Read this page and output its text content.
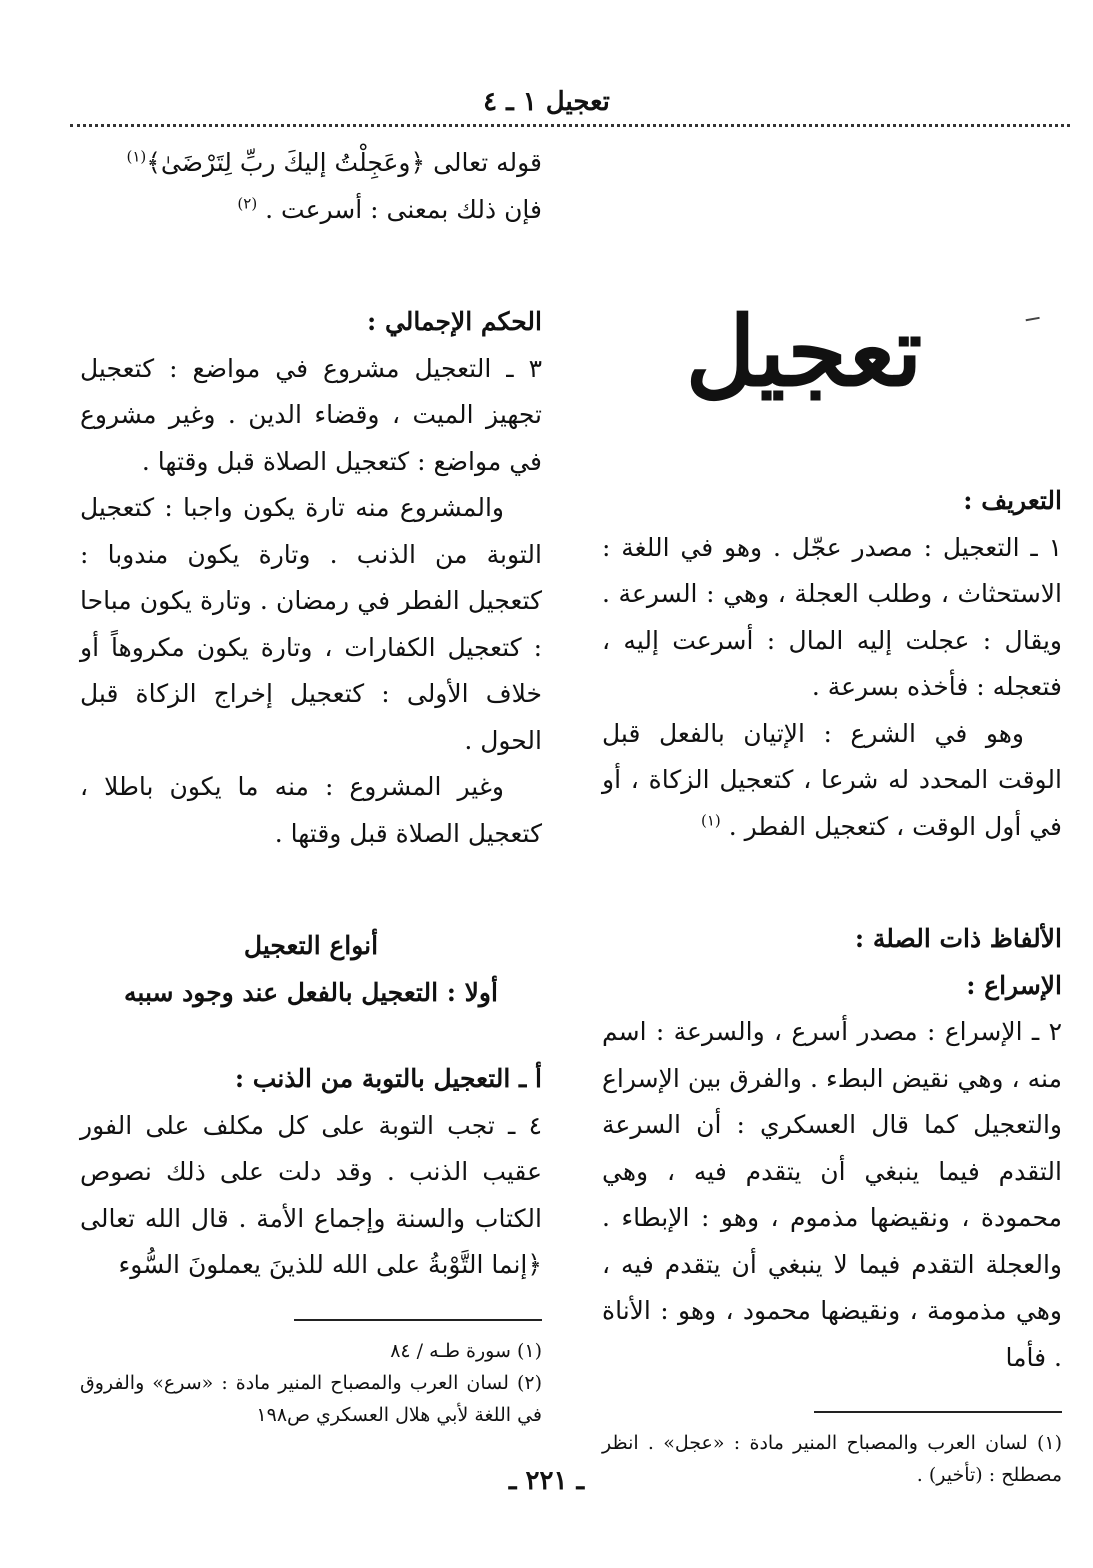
تعجيل ١ ـ ٤
تعجيل

التعريف :

١ ـ التعجيل : مصدر عجّل . وهو في اللغة : الاستحثاث ، وطلب العجلة ، وهي : السرعة . ويقال : عجلت إليه المال : أسرعت إليه ، فتعجله : فأخذه بسرعة .

وهو في الشرع : الإتيان بالفعل قبل الوقت المحدد له شرعا ، كتعجيل الزكاة ، أو في أول الوقت ، كتعجيل الفطر . $^{(١)}$

الألفاظ ذات الصلة :

الإسراع :

٢ ـ الإسراع : مصدر أسرع ، والسرعة : اسم منه ، وهي نقيض البطء . والفرق بين الإسراع والتعجيل كما قال العسكري : أن السرعة التقدم فيما ينبغي أن يتقدم فيه ، وهي محمودة ، ونقيضها مذموم ، وهو : الإبطاء . والعجلة التقدم فيما لا ينبغي أن يتقدم فيه ، وهي مذمومة ، ونقيضها محمود ، وهو : الأناة . فأما

(١) لسان العرب والمصباح المنير مادة : «عجل» . انظر مصطلح : (تأخير) .

قوله تعالى ﴿وعَجِلْتُ إليكَ ربِّ لِتَرْضَىٰ﴾$^{(١)}$

فإن ذلك بمعنى : أسرعت . $^{(٢)}$

الحكم الإجمالي :

٣ ـ التعجيل مشروع في مواضع : كتعجيل تجهيز الميت ، وقضاء الدين . وغير مشروع في مواضع : كتعجيل الصلاة قبل وقتها .

والمشروع منه تارة يكون واجبا : كتعجيل التوبة من الذنب . وتارة يكون مندوبا : كتعجيل الفطر في رمضان . وتارة يكون مباحا : كتعجيل الكفارات ، وتارة يكون مكروهاً أو خلاف الأولى : كتعجيل إخراج الزكاة قبل الحول .

وغير المشروع : منه ما يكون باطلا ، كتعجيل الصلاة قبل وقتها .

أنواع التعجيل

أولا : التعجيل بالفعل عند وجود سببه

أ ـ التعجيل بالتوبة من الذنب :

٤ ـ تجب التوبة على كل مكلف على الفور عقيب الذنب . وقد دلت على ذلك نصوص الكتاب والسنة وإجماع الأمة . قال الله تعالى ﴿إنما التَّوْبةُ على الله للذينَ يعملونَ السُّوء

(١) سورة طـه / ٨٤

(٢) لسان العرب والمصباح المنير مادة : «سرع» والفروق في اللغة لأبي هلال العسكري ص١٩٨

ـ ٢٢١ ـ
